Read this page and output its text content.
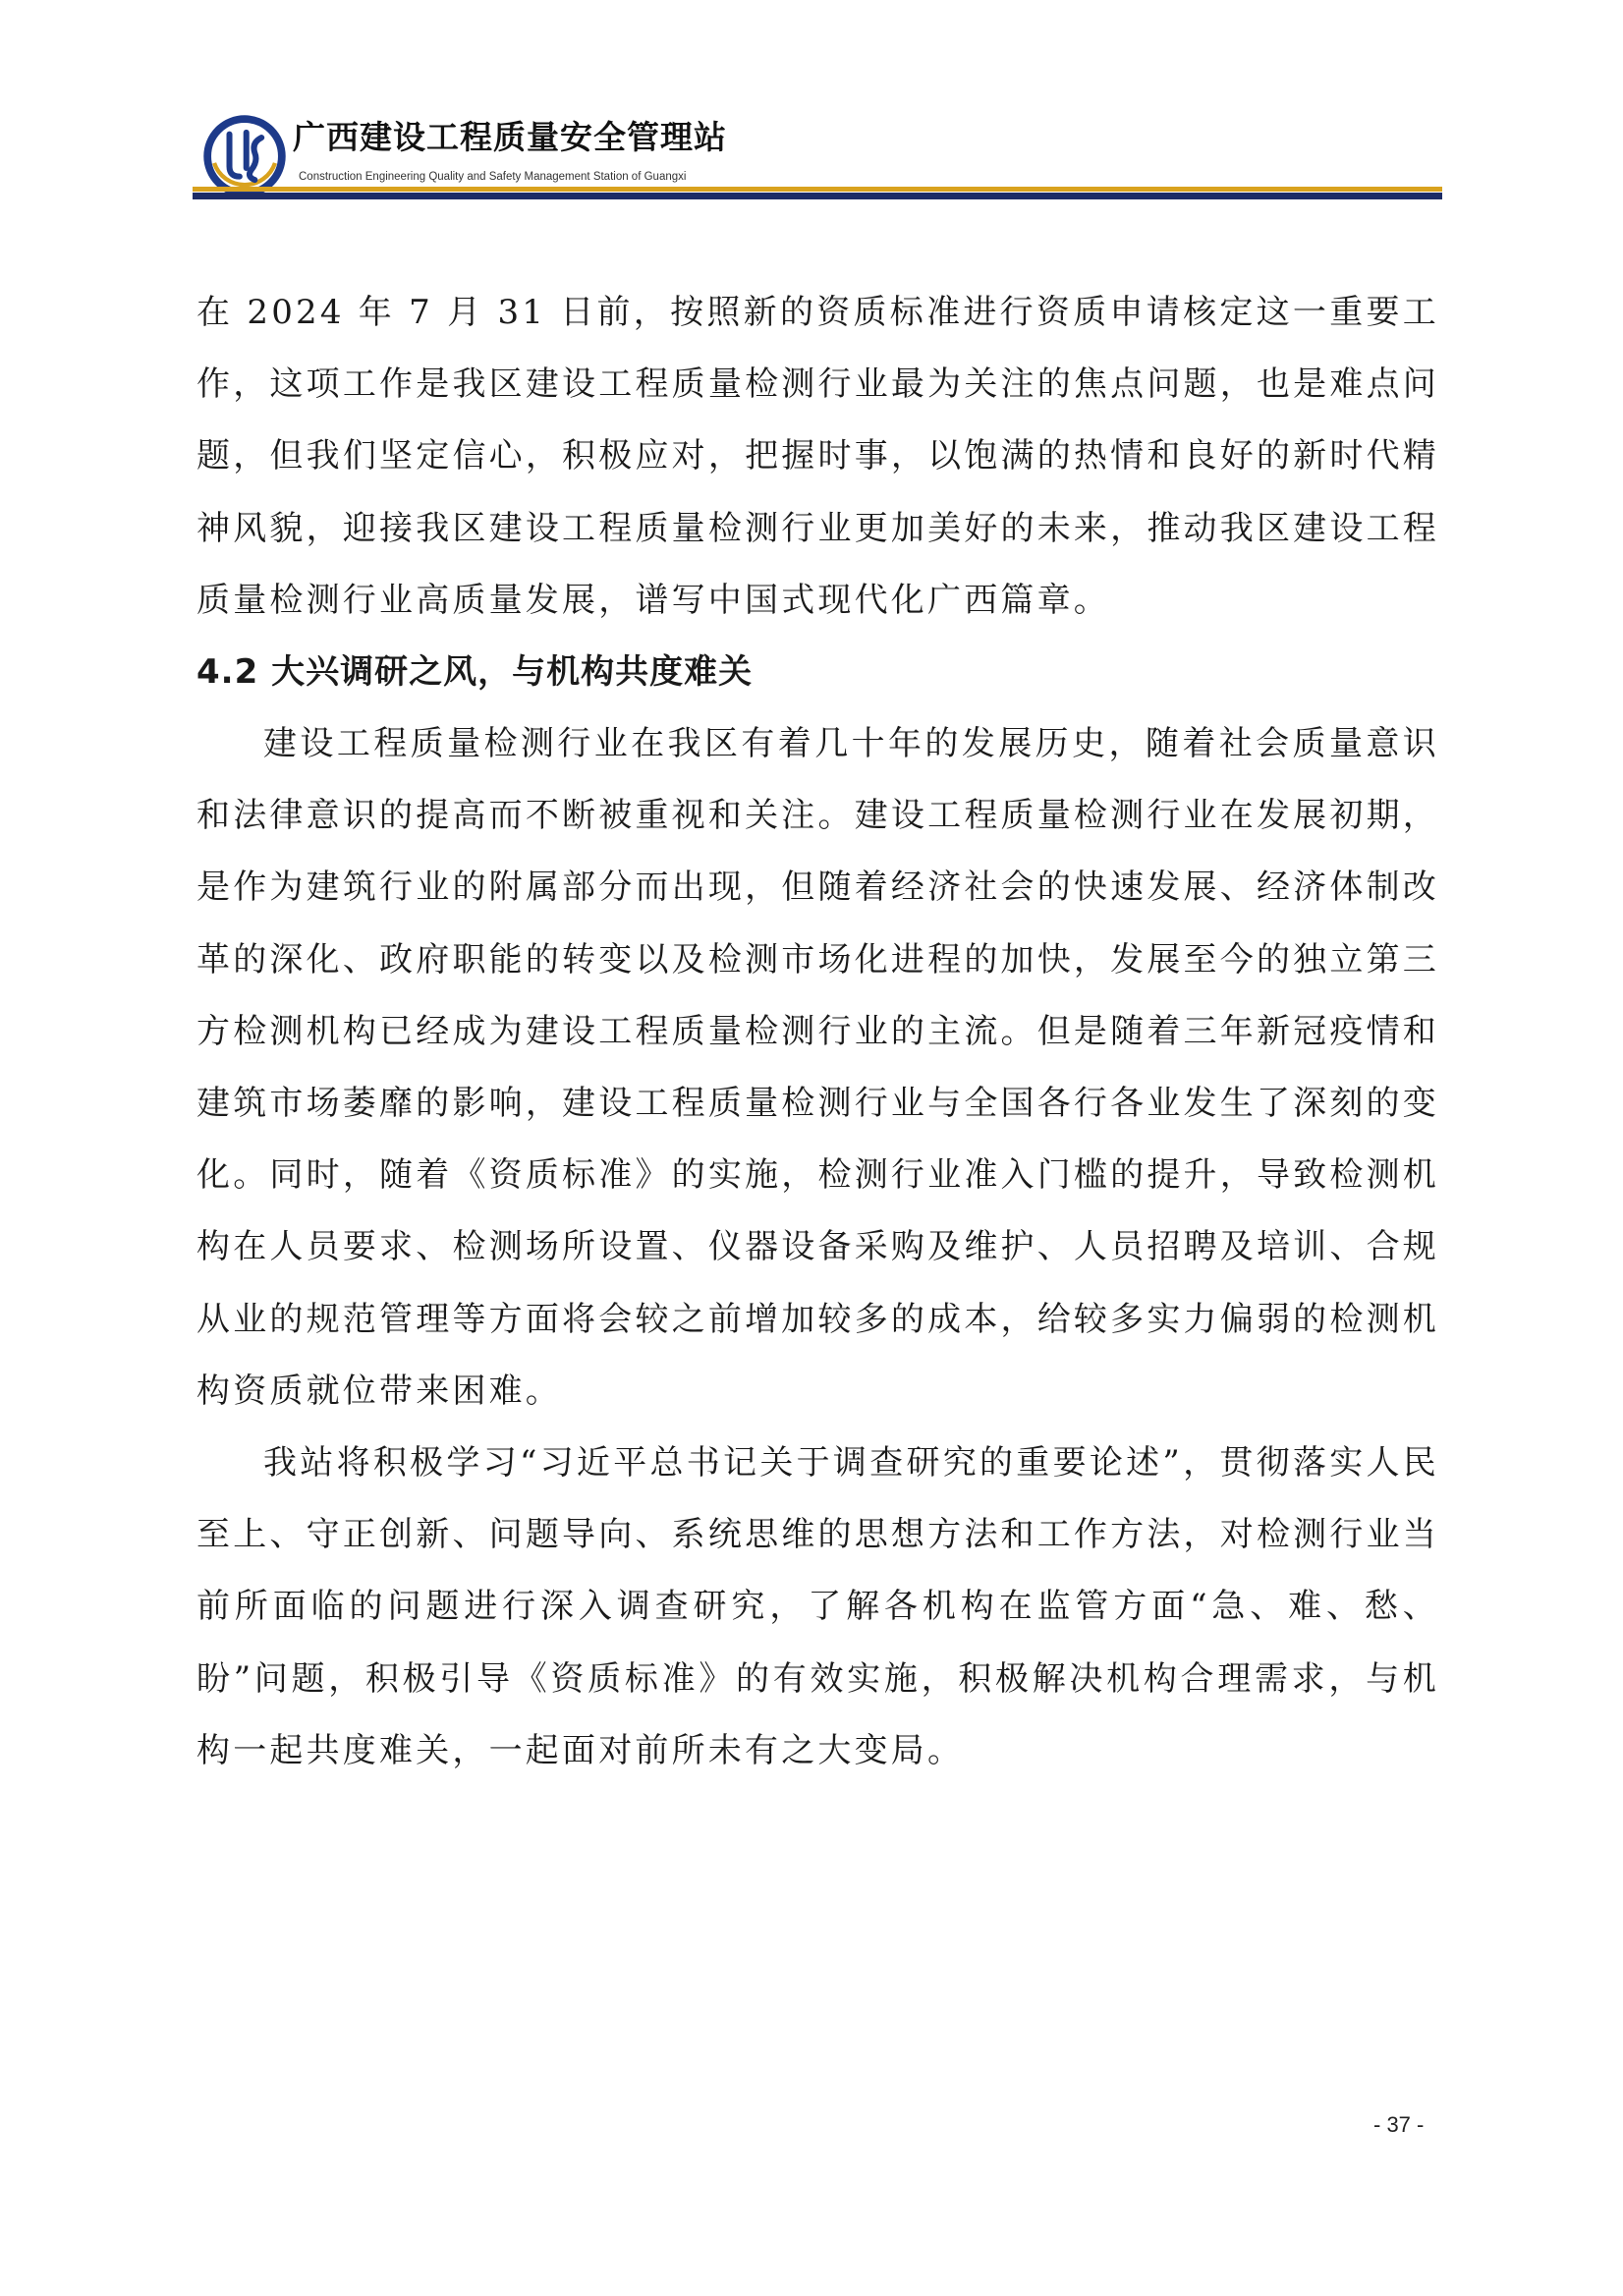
广西建设工程质量安全管理站
Construction Engineering Quality and Safety Management Station of Guangxi

在 2024 年 7 月 31 日前，按照新的资质标准进行资质申请核定这一重要工作，这项工作是我区建设工程质量检测行业最为关注的焦点问题，也是难点问题，但我们坚定信心，积极应对，把握时事，以饱满的热情和良好的新时代精神风貌，迎接我区建设工程质量检测行业更加美好的未来，推动我区建设工程质量检测行业高质量发展，谱写中国式现代化广西篇章。

4.2 大兴调研之风，与机构共度难关

建设工程质量检测行业在我区有着几十年的发展历史，随着社会质量意识和法律意识的提高而不断被重视和关注。建设工程质量检测行业在发展初期，是作为建筑行业的附属部分而出现，但随着经济社会的快速发展、经济体制改革的深化、政府职能的转变以及检测市场化进程的加快，发展至今的独立第三方检测机构已经成为建设工程质量检测行业的主流。但是随着三年新冠疫情和建筑市场萎靡的影响，建设工程质量检测行业与全国各行各业发生了深刻的变化。同时，随着《资质标准》的实施，检测行业准入门槛的提升，导致检测机构在人员要求、检测场所设置、仪器设备采购及维护、人员招聘及培训、合规从业的规范管理等方面将会较之前增加较多的成本，给较多实力偏弱的检测机构资质就位带来困难。

我站将积极学习“习近平总书记关于调查研究的重要论述”，贯彻落实人民至上、守正创新、问题导向、系统思维的思想方法和工作方法，对检测行业当前所面临的问题进行深入调查研究，了解各机构在监管方面“急、难、愁、盼”问题，积极引导《资质标准》的有效实施，积极解决机构合理需求，与机构一起共度难关，一起面对前所未有之大变局。

- 37 -
